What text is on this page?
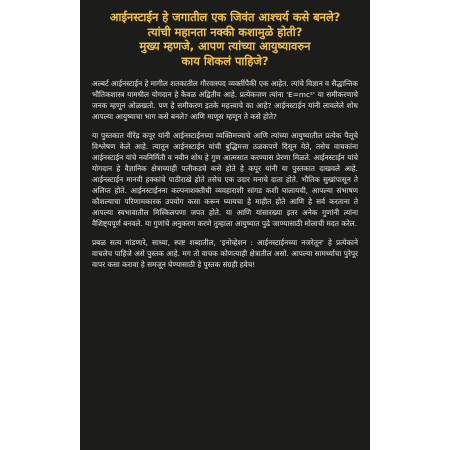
आईनस्टाईन हे जगातील एक जिवंत आश्चर्य कसे बनले?
त्यांची महानता नक्की कशामुळे होती?
मुख्य म्हणजे, आपण त्यांच्या आयुष्यावरुन
काय शिकलं पाहिजे?

अल्बर्ट आईनस्टाईन हे मागील शतकातील गौरवास्पद व्यक्तींपैकी एक आहेत. त्यांचे विज्ञान व सैद्धान्तिक भौतिकशास्त्र यामधील योगदान हे केवळ अद्वितीय आहे. प्रत्येकजण त्यांना 'E=mc²' या समीकरणाचे जनक म्हणून ओळखतो. पण हे समीकरण इतके महत्त्वाचे का आहे? आईनस्टाईन यांनी लावलेले शोध आपल्या आयुष्याचा भाग कसे बनले? आणि माणूस म्हणून ते कसे होते?

या पुस्तकात वीरेंद्र कपूर यांनी आईनस्टाईनच्या व्यक्तिमत्त्वाचे आणि त्यांच्या आयुष्यातील प्रत्येक पैलूचे विश्लेषण केले आहे. त्यातून आईनस्टाईन यांची बुद्धिमत्ता ठळकपणे दिसून येते, तसेच वाचकांना आईनस्टाईन यांचे नवनिर्मिती व नवीन शोध हे गुण आत्मसात करण्यास प्रेरणा मिळते. आईनस्टाईन यांचे योगदान हे वैज्ञानिक क्षेत्राच्याही पलीकडचे कसे होते हे कपूर यांनी या पुस्तकात दाखवले आहे. आईनस्टाईन मानवी हक्कांचे पाठीराखे होते तसेच एक उदार मनाचे दाता होते. भौतिक सुखांपासून ते अलिप्त होते. आईनस्टाईनना कल्पनाशक्तीची व्यवहाराशी सांगड कशी घालायची, आपल्या संभाषण कौशल्याचा परिणामकारक उपयोग कसा करून घ्यायचा हे माहीत होते आणि हे सर्व करताना ते आपल्या स्वभावातील मिस्किलपणा जपत होते. या आणि यांसारख्या इतर अनेक गुणांनी त्यांना वैशिष्ट्यपूर्ण बनवले. या गुणांचे अनुकरण करणे तुम्हाला आयुष्यात पुढे जाण्यासाठी मोलाची मदत करेल.

प्रबळ सत्य मांडणारे, साध्या, स्पष्ट शब्दातील, 'इनोव्हेशन : आईनस्टाईनच्या नजरेतून' हे प्रत्येकाने वाचलेच पाहिजे असे पुस्तक आहे. मग तो वाचक कोणत्याही क्षेत्रातील असो. आपल्या सामर्थ्याचा पुरेपूर वापर कसा करावा हे समजून घेण्यासाठी हे पुस्तक संग्रही हवेच!
